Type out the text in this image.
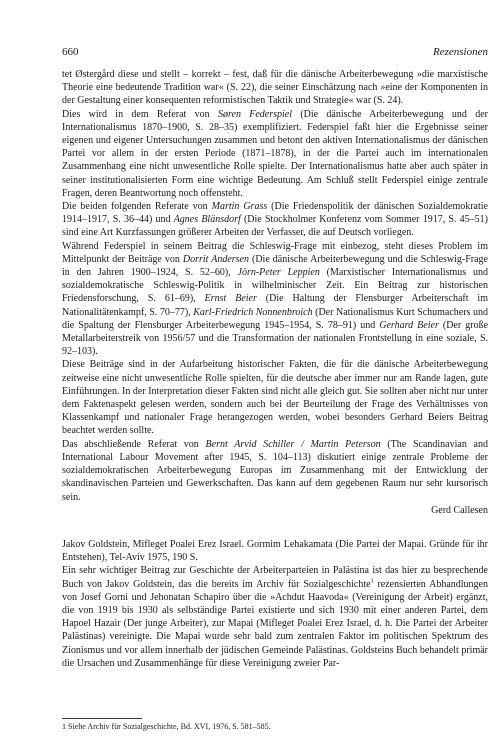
660	Rezensionen

tet Østergård diese und stellt – korrekt – fest, daß für die dänische Arbeiterbewegung »die marxistische Theorie eine bedeutende Tradition war« (S. 22), die seiner Einschätzung nach »eine der Komponenten in der Gestaltung einer konsequenten reformistischen Taktik und Strategie« war (S. 24).

Dies wird in dem Referat von Søren Federspiel (Die dänische Arbeiterbewegung und der Internationalismus 1870–1900, S. 28–35) exemplifiziert. Federspiel faßt hier die Ergebnisse seiner eigenen und eigener Untersuchungen zusammen und betont den aktiven Internationalismus der dänischen Partei vor allem in der ersten Periode (1871–1878), in der die Partei auch im internationalen Zusammenhang eine nicht unwesentliche Rolle spielte. Der Internationalismus hatte aber auch später in seiner institutionalisierten Form eine wichtige Bedeutung. Am Schluß stellt Federspiel einige zentrale Fragen, deren Beantwortung noch offensteht.

Die beiden folgenden Referate von Martin Grass (Die Friedenspolitik der dänischen Sozialdemokratie 1914–1917, S. 36–44) und Agnes Blänsdorf (Die Stockholmer Konferenz vom Sommer 1917, S. 45–51) sind eine Art Kurzfassungen größerer Arbeiten der Verfasser, die auf Deutsch vorliegen.

Während Federspiel in seinem Beitrag die Schleswig-Frage mit einbezog, steht dieses Problem im Mittelpunkt der Beiträge von Dorrit Andersen (Die dänische Arbeiterbewegung und die Schleswig-Frage in den Jahren 1900–1924, S. 52–60), Jörn-Peter Leppien (Marxistischer Internationalismus und sozialdemokratische Schleswig-Politik in wilhelminischer Zeit. Ein Beitrag zur historischen Friedensforschung, S. 61–69), Ernst Beier (Die Haltung der Flensburger Arbeiterschaft im Nationalitätenkampf, S. 70–77), Karl-Friedrich Nonnenbroich (Der Nationalismus Kurt Schumachers und die Spaltung der Flensburger Arbeiterbewegung 1945–1954, S. 78–91) und Gerhard Beier (Der große Metallarbeiterstreik von 1956/57 und die Transformation der nationalen Frontstellung in eine soziale, S. 92–103).

Diese Beiträge sind in der Aufarbeitung historischer Fakten, die für die dänische Arbeiterbewegung zeitweise eine nicht unwesentliche Rolle spielten, für die deutsche aber immer nur am Rande lagen, gute Einführungen. In der Interpretation dieser Fakten sind nicht alle gleich gut. Sie sollten aber nicht nur unter dem Faktenaspekt gelesen werden, sondern auch bei der Beurteilung der Frage des Verhältnisses von Klassenkampf und nationaler Frage herangezogen werden, wobei besonders Gerhard Beiers Beitrag beachtet werden sollte.

Das abschließende Referat von Bernt Arvid Schiller / Martin Peterson (The Scandinavian and International Labour Movement after 1945, S. 104–113) diskutiert einige zentrale Probleme der sozialdemokratischen Arbeiterbewegung Europas im Zusammenhang mit der Entwicklung der skandinavischen Parteien und Gewerkschaften. Das kann auf dem gegebenen Raum nur sehr kursorisch sein.

Gerd Callesen

Jakov Goldstein, Mifleget Poalei Erez Israel. Gormim Lehakamata (Die Partei der Mapai. Gründe für ihr Entstehen), Tel-Aviv 1975, 190 S.

Ein sehr wichtiger Beitrag zur Geschichte der Arbeiterparteien in Palästina ist das hier zu besprechende Buch von Jakov Goldstein, das die bereits im Archiv für Sozialgeschichte$^1$ rezensierten Abhandlungen von Josef Gorni und Jehonatan Schapiro über die »Achdut Haavoda« (Vereinigung der Arbeit) ergänzt, die von 1919 bis 1930 als selbständige Partei existierte und sich 1930 mit einer anderen Partei, dem Hapoel Hazair (Der junge Arbeiter), zur Mapai (Mifleget Poalei Erez Israel, d. h. Die Partei der Arbeiter Palästinas) vereinigte. Die Mapai wurde sehr bald zum zentralen Faktor im politischen Spektrum des Zionismus und vor allem innerhalb der jüdischen Gemeinde Palästinas. Goldsteins Buch behandelt primär die Ursachen und Zusammenhänge für diese Vereinigung zweier Par-

1 Siehe Archiv für Sozialgeschichte, Bd. XVI, 1976, S. 581–585.
